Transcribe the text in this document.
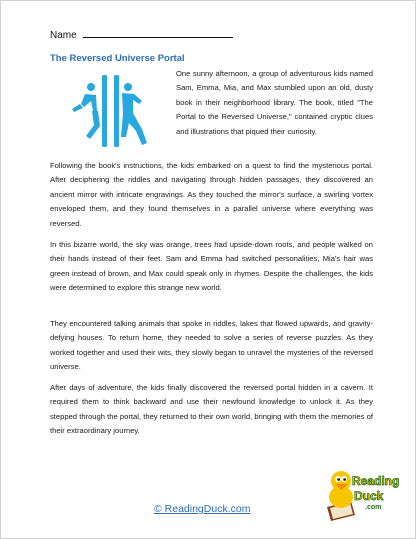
Name
The Reversed Universe Portal

One sunny afternoon, a group of adventurous kids named Sam, Emma, Mia, and Max stumbled upon an old, dusty book in their neighborhood library. The book, titled "The Portal to the Reversed Universe," contained cryptic clues and illustrations that piqued their curiosity.

Following the book's instructions, the kids embarked on a quest to find the mysterious portal. After deciphering the riddles and navigating through hidden passages, they discovered an ancient mirror with intricate engravings. As they touched the mirror's surface, a swirling vortex enveloped them, and they found themselves in a parallel universe where everything was reversed.

In this bizarre world, the sky was orange, trees had upside-down roots, and people walked on their hands instead of their feet. Sam and Emma had switched personalities, Mia's hair was green instead of brown, and Max could speak only in rhymes. Despite the challenges, the kids were determined to explore this strange new world.

They encountered talking animals that spoke in riddles, lakes that flowed upwards, and gravity-defying houses. To return home, they needed to solve a series of reverse puzzles. As they worked together and used their wits, they slowly began to unravel the mysteries of the reversed universe.

After days of adventure, the kids finally discovered the reversed portal hidden in a cavern. It required them to think backward and use their newfound knowledge to unlock it. As they stepped through the portal, they returned to their own world, bringing with them the memories of their extraordinary journey.

© ReadingDuck.com
Reading
Duck
.com
